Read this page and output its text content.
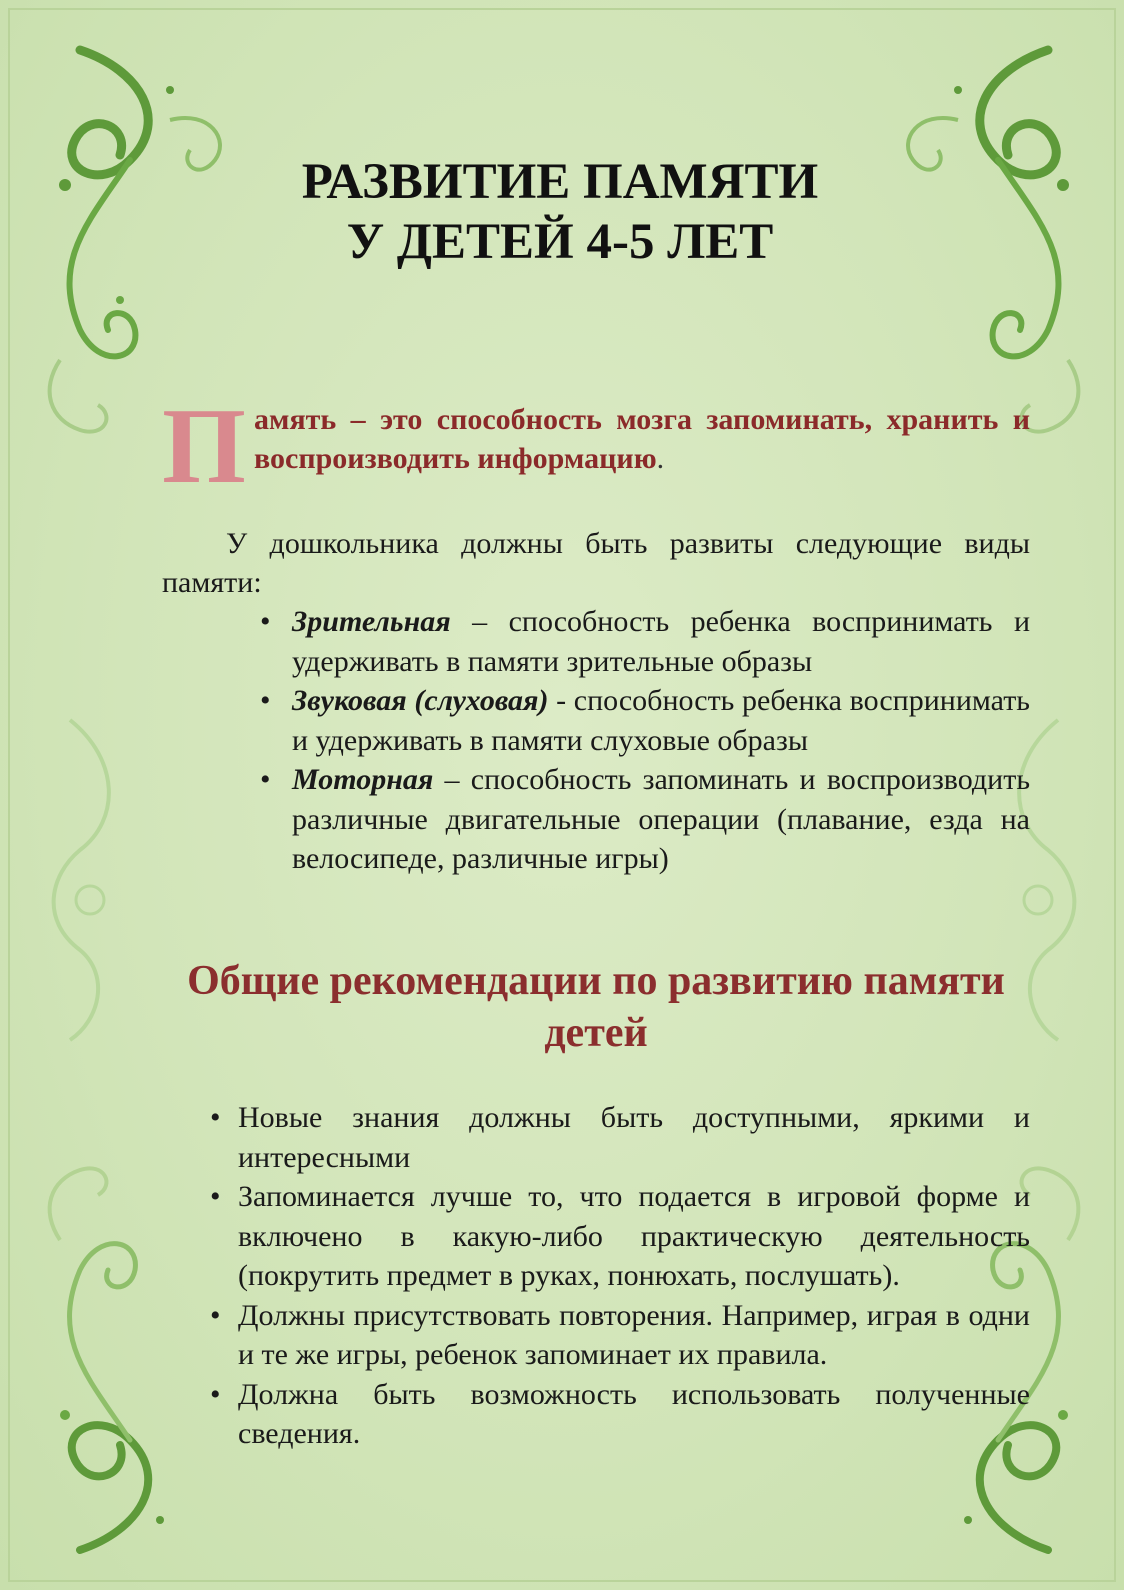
РАЗВИТИЕ ПАМЯТИ
У ДЕТЕЙ 4-5 ЛЕТ
П амять – это способность мозга запоминать, хранить и воспроизводить информацию.

У дошкольника должны быть развиты следующие виды памяти:

• Зрительная – способность ребенка воспринимать и удерживать в памяти зрительные образы
• Звуковая (слуховая) - способность ребенка воспринимать и удерживать в памяти слуховые образы
• Моторная – способность запоминать и воспроизводить различные двигательные операции (плавание, езда на велосипеде, различные игры)
Общие рекомендации по развитию памяти детей
• Новые знания должны быть доступными, яркими и интересными
• Запоминается лучше то, что подается в игровой форме и включено в какую-либо практическую деятельность (покрутить предмет в руках, понюхать, послушать).
• Должны присутствовать повторения. Например, играя в одни и те же игры, ребенок запоминает их правила.
• Должна быть возможность использовать полученные сведения.
